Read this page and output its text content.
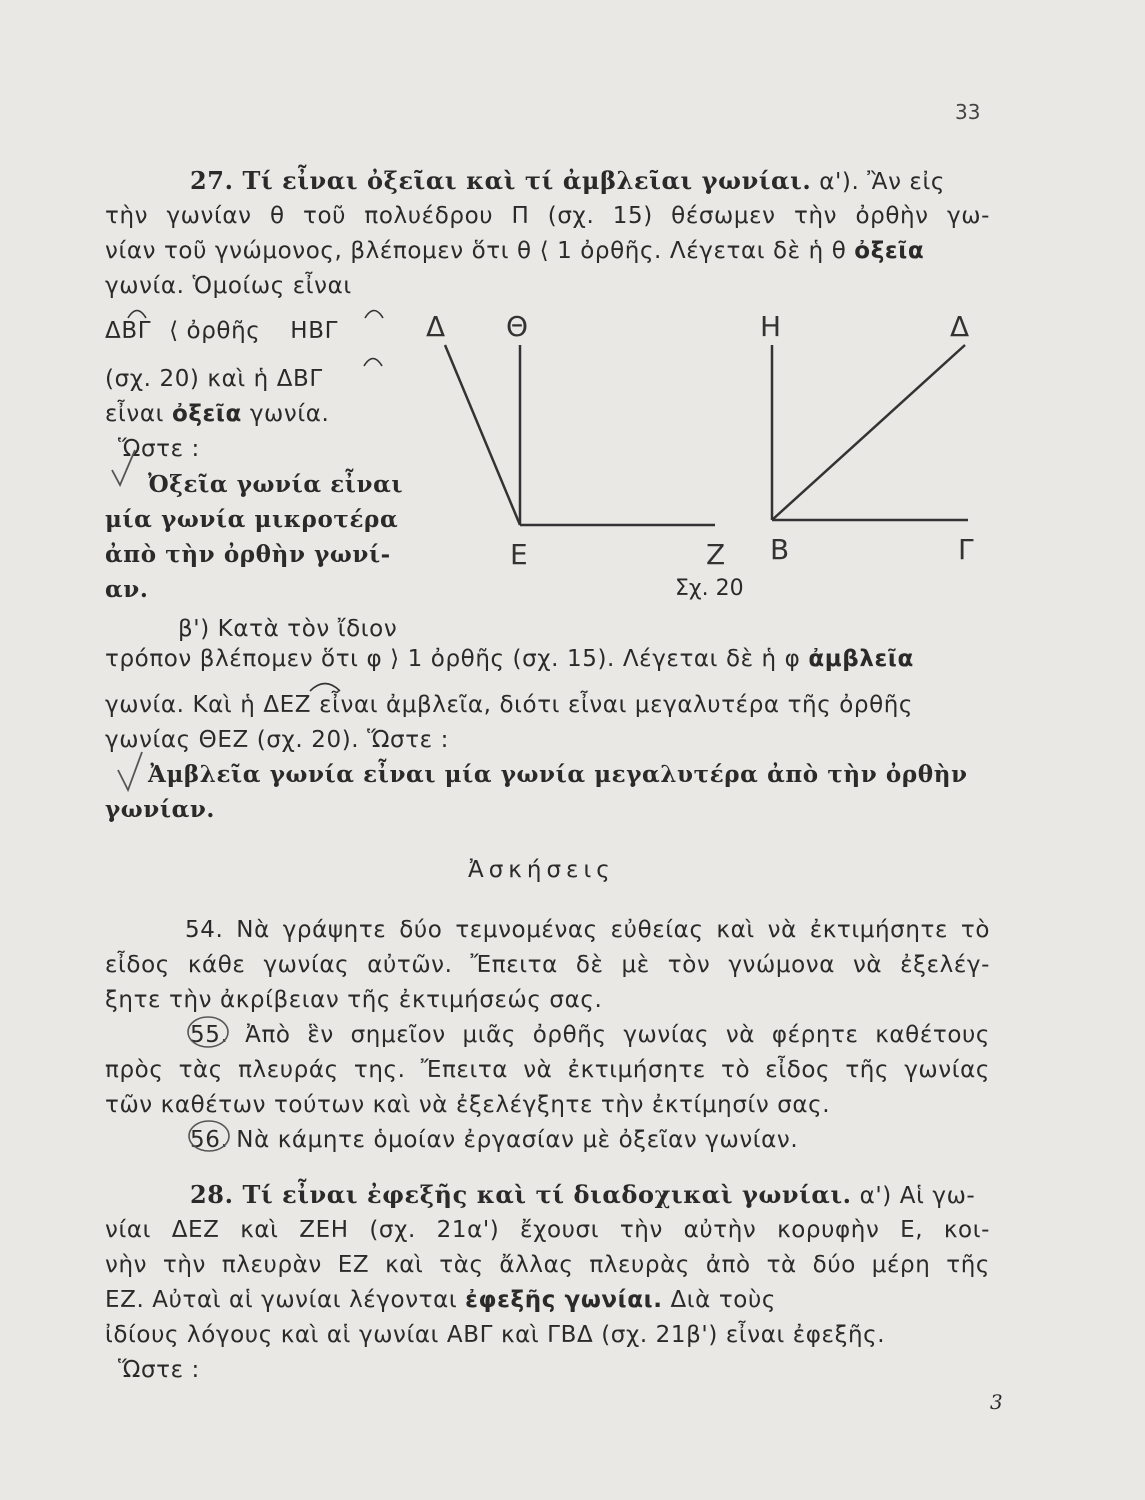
33
27. Τί εἶναι ὀξεῖαι καὶ τί ἀμβλεῖαι γωνίαι. α'). Ἂν εἰς
τὴν γωνίαν θ τοῦ πολυέδρου Π (σχ. 15) θέσωμεν τὴν ὀρθὴν γω-
νίαν τοῦ γνώμονος, βλέπομεν ὅτι θ ⟨ 1 ὀρθῆς. Λέγεται δὲ ἡ θ ὀξεῖα
γωνία. Ὁμοίως εἶναι
ΔΒΓ ⟨ ὀρθῆς ΗΒΓ
(σχ. 20) καὶ ἡ ΔΒΓ
εἶναι ὀξεῖα γωνία.
Ὥστε :
Ὀξεῖα γωνία εἶναι
μία γωνία μικροτέρα
ἀπὸ τὴν ὀρθὴν γωνί-
αν.
β') Κατὰ τὸν ἴδιον
τρόπον βλέπομεν ὅτι φ ⟩ 1 ὀρθῆς (σχ. 15). Λέγεται δὲ ἡ φ ἀμβλεῖα
γωνία. Καὶ ἡ ΔΕΖ εἶναι ἀμβλεῖα, διότι εἶναι μεγαλυτέρα τῆς ὀρθῆς
γωνίας ΘΕΖ (σχ. 20). Ὥστε :
Ἀμβλεῖα γωνία εἶναι μία γωνία μεγαλυτέρα ἀπὸ τὴν ὀρθὴν
γωνίαν.
Ἀσκήσεις
54. Νὰ γράψητε δύο τεμνομένας εὐθείας καὶ νὰ ἐκτιμήσητε τὸ
εἶδος κάθε γωνίας αὐτῶν. Ἔπειτα δὲ μὲ τὸν γνώμονα νὰ ἐξελέγ-
ξητε τὴν ἀκρίβειαν τῆς ἐκτιμήσεώς σας.
55. Ἀπὸ ἓν σημεῖον μιᾶς ὀρθῆς γωνίας νὰ φέρητε καθέτους
πρὸς τὰς πλευράς της. Ἔπειτα νὰ ἐκτιμήσητε τὸ εἶδος τῆς γωνίας
τῶν καθέτων τούτων καὶ νὰ ἐξελέγξητε τὴν ἐκτίμησίν σας.
56. Νὰ κάμητε ὁμοίαν ἐργασίαν μὲ ὀξεῖαν γωνίαν.
28. Τί εἶναι ἐφεξῆς καὶ τί διαδοχικαὶ γωνίαι. α') Αἱ γω-
νίαι ΔΕΖ καὶ ΖΕΗ (σχ. 21α') ἔχουσι τὴν αὐτὴν κορυφὴν Ε, κοι-
νὴν τὴν πλευρὰν ΕΖ καὶ τὰς ἄλλας πλευρὰς ἀπὸ τὰ δύο μέρη τῆς
ΕΖ. Αὐταὶ αἱ γωνίαι λέγονται ἐφεξῆς γωνίαι. Διὰ τοὺς
ἰδίους λόγους καὶ αἱ γωνίαι ΑΒΓ καὶ ΓΒΔ (σχ. 21β') εἶναι ἐφεξῆς.
Ὥστε :
3
Δ Θ	Η	Δ
Ε	Ζ Β	Γ
Σχ. 20
